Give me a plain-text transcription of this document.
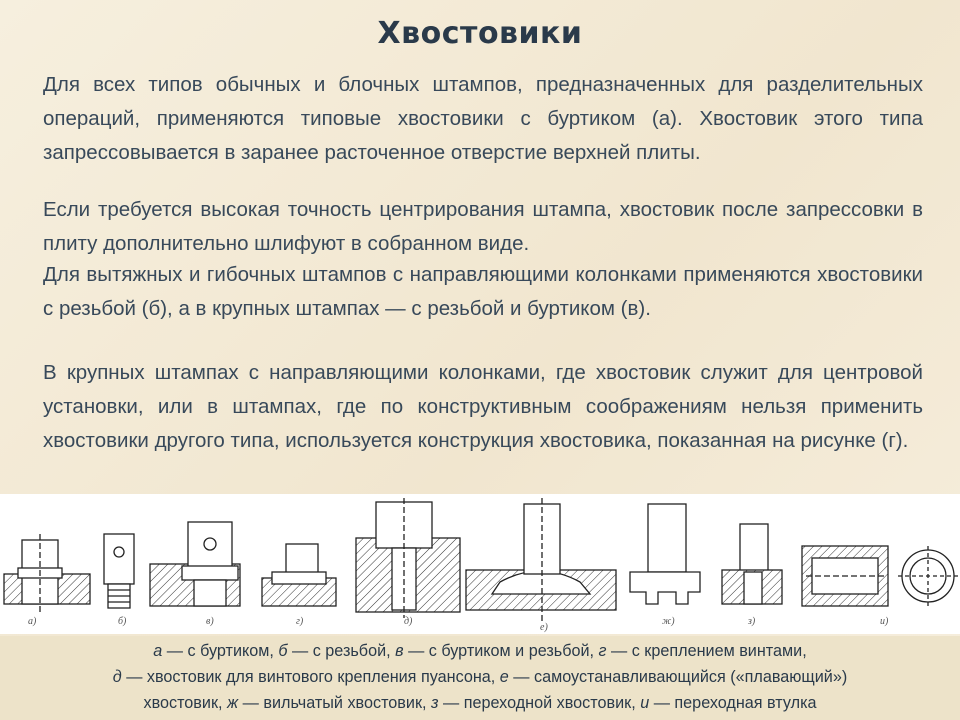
Хвостовики

Для всех типов обычных и блочных штампов, предназначенных для разделительных операций, применяются типовые хвостовики с буртиком (а). Хвостовик этого типа запрессовывается в заранее расточенное отверстие верхней плиты.

Если требуется высокая точность центрирования штампа, хвостовик после запрессовки в плиту дополнительно шлифуют в собранном виде.

Для вытяжных и гибочных штампов с направляющими колонками применяются хвостовики с резьбой (б), а в крупных штампах — с резьбой и буртиком (в).

В крупных штампах с направляющими колонками, где хвостовик служит для центровой установки, или в штампах, где по конструктивным соображениям нельзя применить хвостовики другого типа, используется конструкция хвостовика, показанная на рисунке (г).

а)	б)	в)	г)	д)
е)
ж)	з)	и)
а — с буртиком, б — с резьбой, в — с буртиком и резьбой, г — с креплением винтами,
д — хвостовик для винтового крепления пуансона, е — самоустанавливающийся («плавающий»)
хвостовик, ж — вильчатый хвостовик, з — переходной хвостовик, и — переходная втулка
